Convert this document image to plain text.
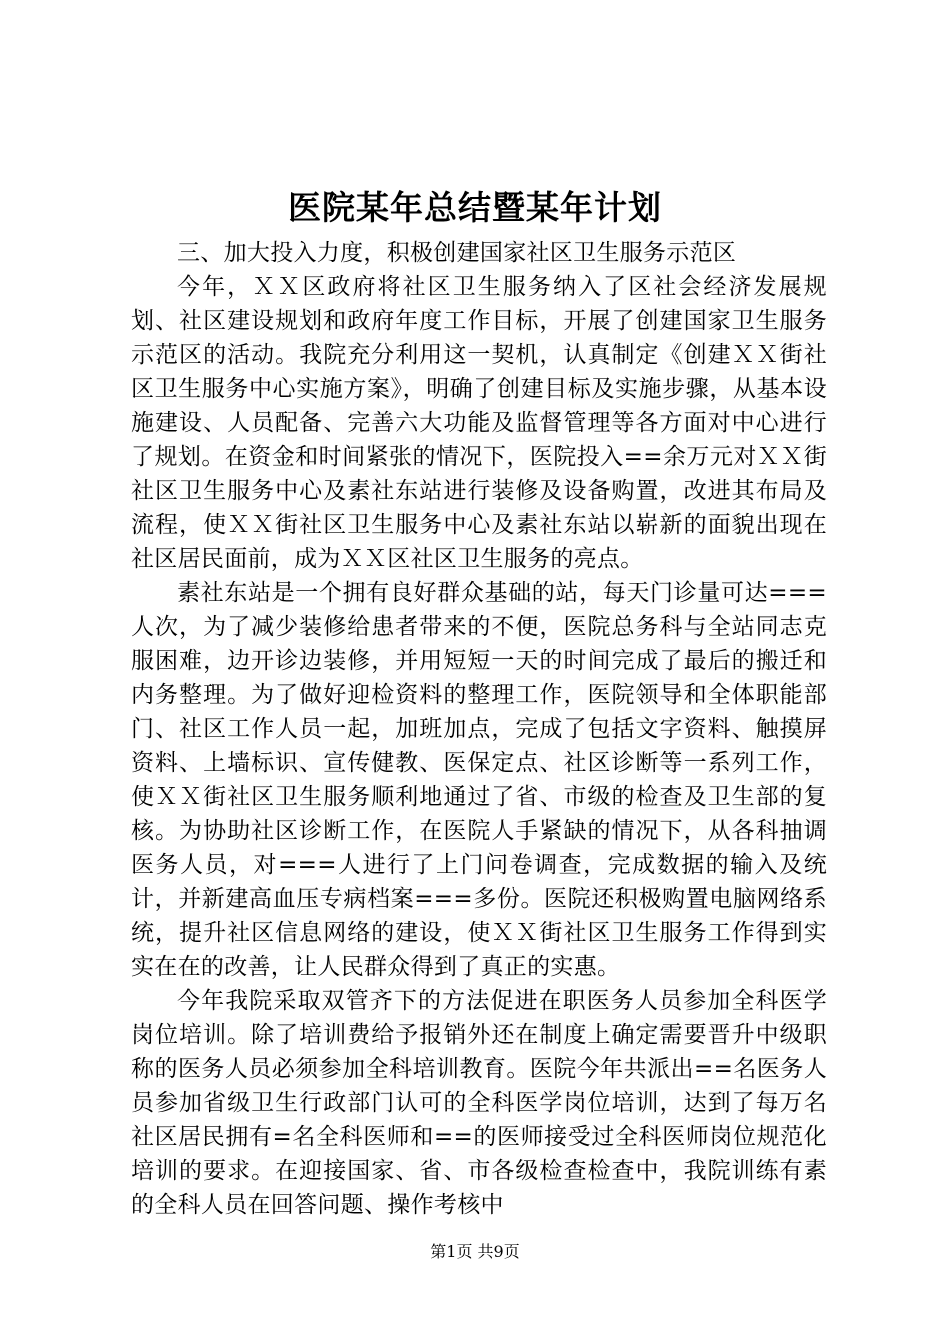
医院某年总结暨某年计划

三、加大投入力度，积极创建国家社区卫生服务示范区

今年，ＸＸ区政府将社区卫生服务纳入了区社会经济发展规划、社区建设规划和政府年度工作目标，开展了创建国家卫生服务示范区的活动。我院充分利用这一契机，认真制定《创建ＸＸ街社区卫生服务中心实施方案》，明确了创建目标及实施步骤，从基本设施建设、人员配备、完善六大功能及监督管理等各方面对中心进行了规划。在资金和时间紧张的情况下，医院投入==余万元对ＸＸ街社区卫生服务中心及素社东站进行装修及设备购置，改进其布局及流程，使ＸＸ街社区卫生服务中心及素社东站以崭新的面貌出现在社区居民面前，成为ＸＸ区社区卫生服务的亮点。

素社东站是一个拥有良好群众基础的站，每天门诊量可达===人次，为了减少装修给患者带来的不便，医院总务科与全站同志克服困难，边开诊边装修，并用短短一天的时间完成了最后的搬迁和内务整理。为了做好迎检资料的整理工作，医院领导和全体职能部门、社区工作人员一起，加班加点，完成了包括文字资料、触摸屏资料、上墙标识、宣传健教、医保定点、社区诊断等一系列工作，使ＸＸ街社区卫生服务顺利地通过了省、市级的检查及卫生部的复核。为协助社区诊断工作，在医院人手紧缺的情况下，从各科抽调医务人员，对===人进行了上门问卷调查，完成数据的输入及统计，并新建高血压专病档案===多份。医院还积极购置电脑网络系统，提升社区信息网络的建设，使ＸＸ街社区卫生服务工作得到实实在在的改善，让人民群众得到了真正的实惠。

今年我院采取双管齐下的方法促进在职医务人员参加全科医学岗位培训。除了培训费给予报销外还在制度上确定需要晋升中级职称的医务人员必须参加全科培训教育。医院今年共派出==名医务人员参加省级卫生行政部门认可的全科医学岗位培训，达到了每万名社区居民拥有=名全科医师和==的医师接受过全科医师岗位规范化培训的要求。在迎接国家、省、市各级检查检查中，我院训练有素的全科人员在回答问题、操作考核中

第1页 共9页
